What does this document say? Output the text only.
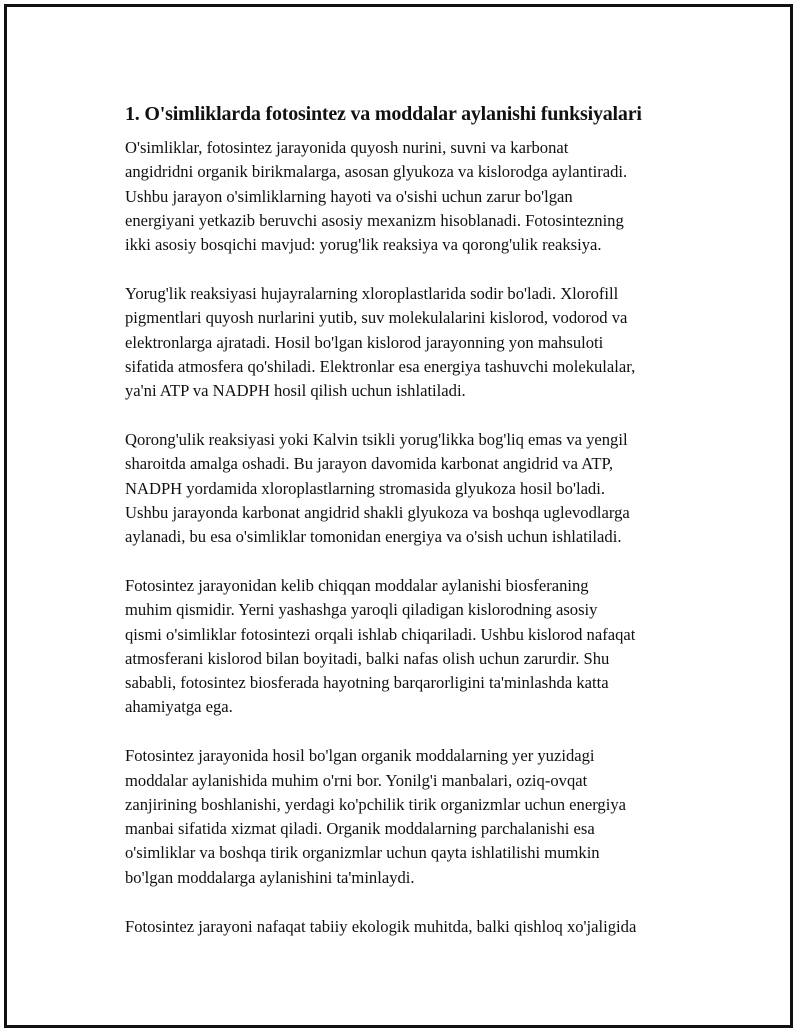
1. O'simliklarda fotosintez va moddalar aylanishi funksiyalari

O'simliklar, fotosintez jarayonida quyosh nurini, suvni va karbonat
angidridni organik birikmalarga, asosan glyukoza va kislorodga aylantiradi.
Ushbu jarayon o'simliklarning hayoti va o'sishi uchun zarur bo'lgan
energiyani yetkazib beruvchi asosiy mexanizm hisoblanadi. Fotosintezning
ikki asosiy bosqichi mavjud: yorug'lik reaksiya va qorong'ulik reaksiya.

Yorug'lik reaksiyasi hujayralarning xloroplastlarida sodir bo'ladi. Xlorofill
pigmentlari quyosh nurlarini yutib, suv molekulalarini kislorod, vodorod va
elektronlarga ajratadi. Hosil bo'lgan kislorod jarayonning yon mahsuloti
sifatida atmosfera qo'shiladi. Elektronlar esa energiya tashuvchi molekulalar,
ya'ni ATP va NADPH hosil qilish uchun ishlatiladi.

Qorong'ulik reaksiyasi yoki Kalvin tsikli yorug'likka bog'liq emas va yengil
sharoitda amalga oshadi. Bu jarayon davomida karbonat angidrid va ATP,
NADPH yordamida xloroplastlarning stromasida glyukoza hosil bo'ladi.
Ushbu jarayonda karbonat angidrid shakli glyukoza va boshqa uglevodlarga
aylanadi, bu esa o'simliklar tomonidan energiya va o'sish uchun ishlatiladi.

Fotosintez jarayonidan kelib chiqqan moddalar aylanishi biosferaning
muhim qismidir. Yerni yashashga yaroqli qiladigan kislorodning asosiy
qismi o'simliklar fotosintezi orqali ishlab chiqariladi. Ushbu kislorod nafaqat
atmosferani kislorod bilan boyitadi, balki nafas olish uchun zarurdir. Shu
sababli, fotosintez biosferada hayotning barqarorligini ta'minlashda katta
ahamiyatga ega.

Fotosintez jarayonida hosil bo'lgan organik moddalarning yer yuzidagi
moddalar aylanishida muhim o'rni bor. Yonilg'i manbalari, oziq-ovqat
zanjirining boshlanishi, yerdagi ko'pchilik tirik organizmlar uchun energiya
manbai sifatida xizmat qiladi. Organik moddalarning parchalanishi esa
o'simliklar va boshqa tirik organizmlar uchun qayta ishlatilishi mumkin
bo'lgan moddalarga aylanishini ta'minlaydi.

Fotosintez jarayoni nafaqat tabiiy ekologik muhitda, balki qishloq xo'jaligida
